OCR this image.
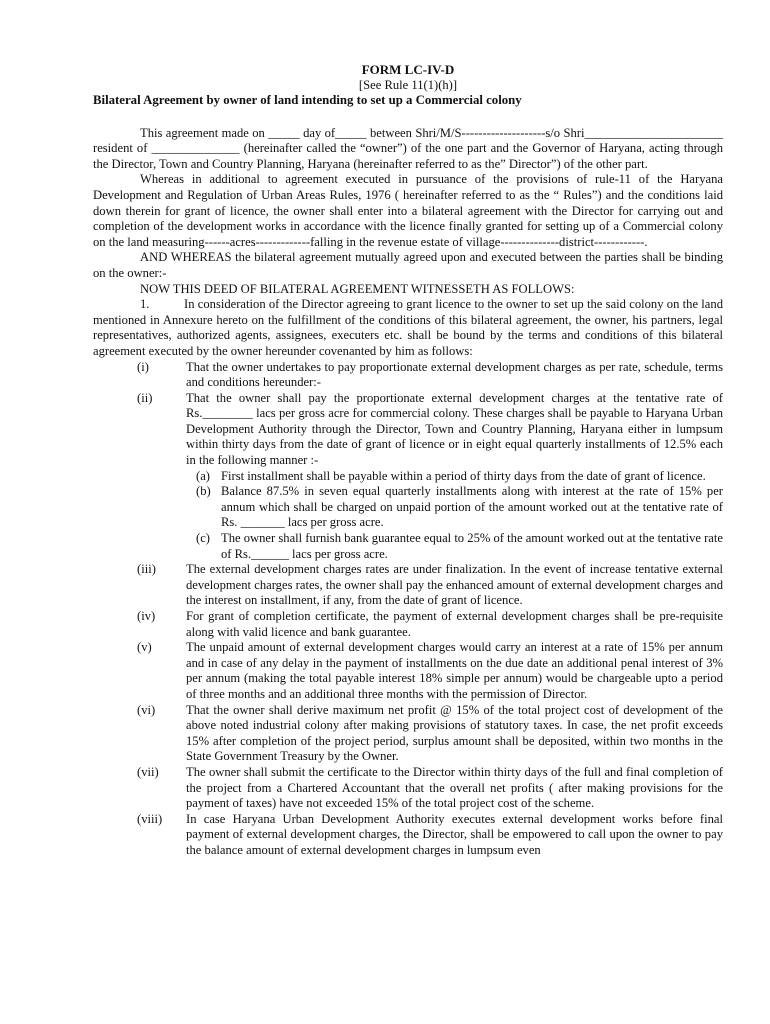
FORM LC-IV-D
[See Rule 11(1)(h)]
Bilateral Agreement by owner of land intending to set up a Commercial colony

This agreement made on _____ day of_____ between Shri/M/S--------------------s/o Shri______________________ resident of ______________ (hereinafter called the “owner”) of the one part and the Governor of Haryana, acting through the Director, Town and Country Planning, Haryana (hereinafter referred to as the” Director”) of the other part.

Whereas in additional to agreement executed in pursuance of the provisions of rule-11 of the Haryana Development and Regulation of Urban Areas Rules, 1976 ( hereinafter referred to as the “ Rules”) and the conditions laid down therein for grant of licence, the owner shall enter into a bilateral agreement with the Director for carrying out and completion of the development works in accordance with the licence finally granted for setting up of a Commercial colony on the land measuring------acres-------------falling in the revenue estate of village--------------district------------.

AND WHEREAS the bilateral agreement mutually agreed upon and executed between the parties shall be binding on the owner:-

NOW THIS DEED OF BILATERAL AGREEMENT WITNESSETH AS FOLLOWS:

1.	In consideration of the Director agreeing to grant licence to the owner to set up the said colony on the land mentioned in Annexure hereto on the fulfillment of the conditions of this bilateral agreement, the owner, his partners, legal representatives, authorized agents, assignees, executers etc. shall be bound by the terms and conditions of this bilateral agreement executed by the owner hereunder covenanted by him as follows:

(i)	That the owner undertakes to pay proportionate external development charges as per rate, schedule, terms and conditions hereunder:-
(ii)	That the owner shall pay the proportionate external development charges at the tentative rate of Rs.________ lacs per gross acre for commercial colony. These charges shall be payable to Haryana Urban Development Authority through the Director, Town and Country Planning, Haryana either in lumpsum within thirty days from the date of grant of licence or in eight equal quarterly installments of 12.5% each in the following manner :-
(a) First installment shall be payable within a period of thirty days from the date of grant of licence.
(b) Balance 87.5% in seven equal quarterly installments along with interest at the rate of 15% per annum which shall be charged on unpaid portion of the amount worked out at the tentative rate of Rs. _______ lacs per gross acre.
(c) The owner shall furnish bank guarantee equal to 25% of the amount worked out at the tentative rate of Rs.______ lacs per gross acre.
(iii)	The external development charges rates are under finalization. In the event of increase tentative external development charges rates, the owner shall pay the enhanced amount of external development charges and the interest on installment, if any, from the date of grant of licence.
(iv)	For grant of completion certificate, the payment of external development charges shall be pre-requisite along with valid licence and bank guarantee.
(v)	The unpaid amount of external development charges would carry an interest at a rate of 15% per annum and in case of any delay in the payment of installments on the due date an additional penal interest of 3% per annum (making the total payable interest 18% simple per annum) would be chargeable upto a period of three months and an additional three months with the permission of Director.
(vi)	That the owner shall derive maximum net profit @ 15% of the total project cost of development of the above noted industrial colony after making provisions of statutory taxes. In case, the net profit exceeds 15% after completion of the project period, surplus amount shall be deposited, within two months in the State Government Treasury by the Owner.
(vii)	The owner shall submit the certificate to the Director within thirty days of the full and final completion of the project from a Chartered Accountant that the overall net profits ( after making provisions for the payment of taxes) have not exceeded 15% of the total project cost of the scheme.
(viii)	In case Haryana Urban Development Authority executes external development works before final payment of external development charges, the Director, shall be empowered to call upon the owner to pay the balance amount of external development charges in lumpsum even
